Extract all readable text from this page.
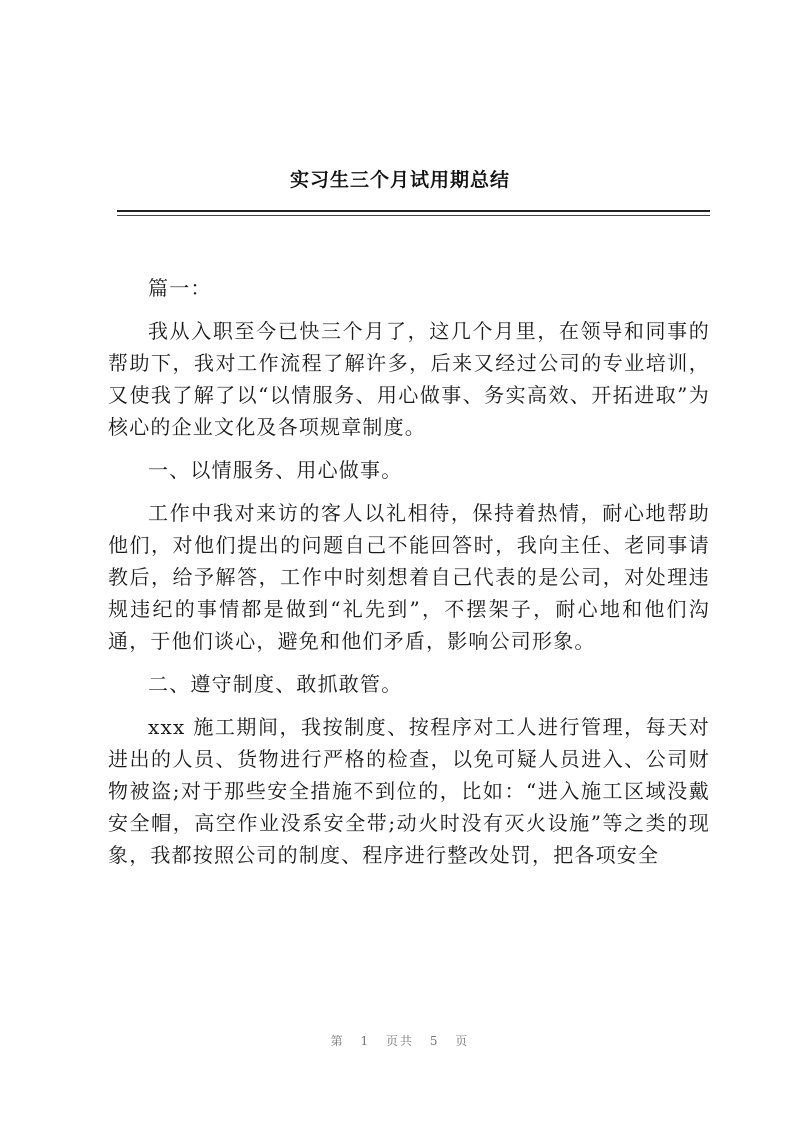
实习生三个月试用期总结

篇一：

我从入职至今已快三个月了，这几个月里，在领导和同事的帮助下，我对工作流程了解许多，后来又经过公司的专业培训，又使我了解了以“以情服务、用心做事、务实高效、开拓进取”为核心的企业文化及各项规章制度。

一、以情服务、用心做事。

工作中我对来访的客人以礼相待，保持着热情，耐心地帮助他们，对他们提出的问题自己不能回答时，我向主任、老同事请教后，给予解答，工作中时刻想着自己代表的是公司，对处理违规违纪的事情都是做到“礼先到”，不摆架子，耐心地和他们沟通，于他们谈心，避免和他们矛盾，影响公司形象。

二、遵守制度、敢抓敢管。

xxx 施工期间，我按制度、按程序对工人进行管理，每天对进出的人员、货物进行严格的检查，以免可疑人员进入、公司财物被盗;对于那些安全措施不到位的，比如：“进入施工区域没戴安全帽，高空作业没系安全带;动火时没有灭火设施”等之类的现象，我都按照公司的制度、程序进行整改处罚，把各项安全

第 1 页共 5 页
